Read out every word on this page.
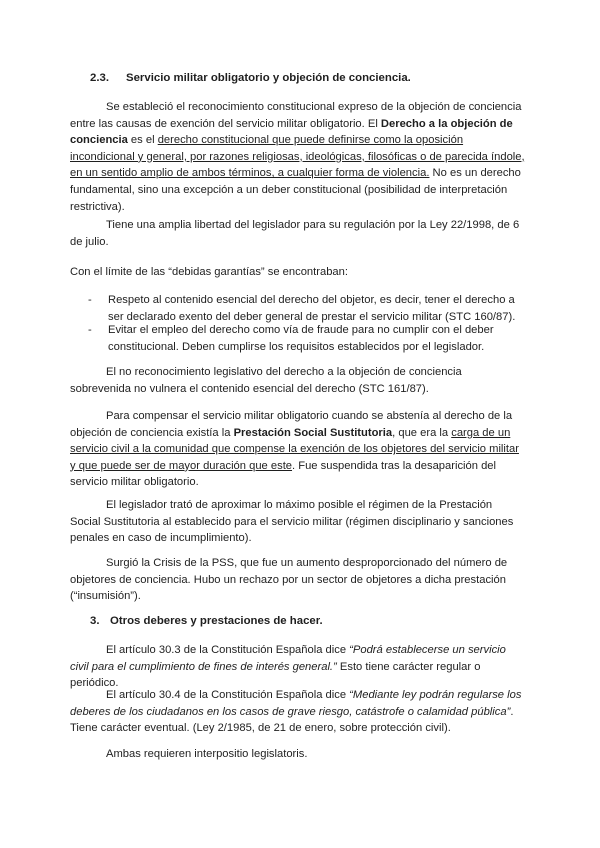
2.3. Servicio militar obligatorio y objeción de conciencia.

Se estableció el reconocimiento constitucional expreso de la objeción de conciencia entre las causas de exención del servicio militar obligatorio. El Derecho a la objeción de conciencia es el derecho constitucional que puede definirse como la oposición incondicional y general, por razones religiosas, ideológicas, filosóficas o de parecida índole, en un sentido amplio de ambos términos, a cualquier forma de violencia. No es un derecho fundamental, sino una excepción a un deber constitucional (posibilidad de interpretación restrictiva).

Tiene una amplia libertad del legislador para su regulación por la Ley 22/1998, de 6 de julio.

Con el límite de las “debidas garantías” se encontraban:

- Respeto al contenido esencial del derecho del objetor, es decir, tener el derecho a ser declarado exento del deber general de prestar el servicio militar (STC 160/87).
- Evitar el empleo del derecho como vía de fraude para no cumplir con el deber constitucional. Deben cumplirse los requisitos establecidos por el legislador.

El no reconocimiento legislativo del derecho a la objeción de conciencia sobrevenida no vulnera el contenido esencial del derecho (STC 161/87).

Para compensar el servicio militar obligatorio cuando se abstenía al derecho de la objeción de conciencia existía la Prestación Social Sustitutoria, que era la carga de un servicio civil a la comunidad que compense la exención de los objetores del servicio militar y que puede ser de mayor duración que este. Fue suspendida tras la desaparición del servicio militar obligatorio.

El legislador trató de aproximar lo máximo posible el régimen de la Prestación Social Sustitutoria al establecido para el servicio militar (régimen disciplinario y sanciones penales en caso de incumplimiento).

Surgió la Crisis de la PSS, que fue un aumento desproporcionado del número de objetores de conciencia. Hubo un rechazo por un sector de objetores a dicha prestación (“insumisión”).

3. Otros deberes y prestaciones de hacer.

El artículo 30.3 de la Constitución Española dice “Podrá establecerse un servicio civil para el cumplimiento de fines de interés general.” Esto tiene carácter regular o periódico.

El artículo 30.4 de la Constitución Española dice “Mediante ley podrán regularse los deberes de los ciudadanos en los casos de grave riesgo, catástrofe o calamidad pública”. Tiene carácter eventual. (Ley 2/1985, de 21 de enero, sobre protección civil).

Ambas requieren interpositio legislatoris.
